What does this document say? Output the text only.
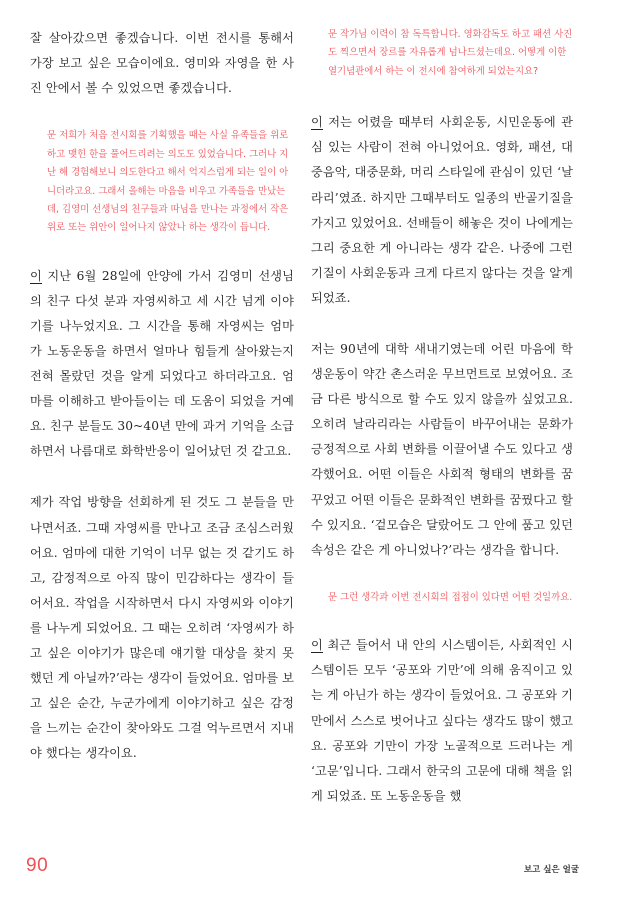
잘 살아갔으면 좋겠습니다. 이번 전시를 통해서 가장 보고 싶은 모습이에요. 영미와 자영을 한 사진 안에서 볼 수 있었으면 좋겠습니다.

문 저희가 처음 전시회를 기획했을 때는 사실 유족들을 위로하고 맺힌 한을 풀어드리려는 의도도 있었습니다. 그러나 지난 해 경험해보니 의도한다고 해서 억지스럽게 되는 일이 아니더라고요. 그래서 올해는 마음을 비우고 가족들을 만났는데, 김영미 선생님의 친구들과 따님을 만나는 과정에서 작은 위로 또는 위안이 일어나지 않았나 하는 생각이 듭니다.

이 지난 6월 28일에 안양에 가서 김영미 선생님의 친구 다섯 분과 자영씨하고 세 시간 넘게 이야기를 나누었지요. 그 시간을 통해 자영씨는 엄마가 노동운동을 하면서 얼마나 힘들게 살아왔는지 전혀 몰랐던 것을 알게 되었다고 하더라고요. 엄마를 이해하고 받아들이는 데 도움이 되었을 거예요. 친구 분들도 30~40년 만에 과거 기억을 소급하면서 나름대로 화학반응이 일어났던 것 같고요.

제가 작업 방향을 선회하게 된 것도 그 분들을 만나면서죠. 그때 자영씨를 만나고 조금 조심스러웠어요. 엄마에 대한 기억이 너무 없는 것 같기도 하고, 감정적으로 아직 많이 민감하다는 생각이 들어서요. 작업을 시작하면서 다시 자영씨와 이야기를 나누게 되었어요. 그 때는 오히려 ‘자영씨가 하고 싶은 이야기가 많은데 얘기할 대상을 찾지 못했던 게 아닐까?’라는 생각이 들었어요. 엄마를 보고 싶은 순간, 누군가에게 이야기하고 싶은 감정을 느끼는 순간이 찾아와도 그걸 억누르면서 지내야 했다는 생각이요.

문 작가님 이력이 참 독특합니다. 영화감독도 하고 패션 사진도 찍으면서 장르를 자유롭게 넘나드셨는데요. 어떻게 이한열기념관에서 하는 이 전시에 참여하게 되었는지요?

이 저는 어렸을 때부터 사회운동, 시민운동에 관심 있는 사람이 전혀 아니었어요. 영화, 패션, 대중음악, 대중문화, 머리 스타일에 관심이 있던 ‘날라리’였죠. 하지만 그때부터도 일종의 반골기질을 가지고 있었어요. 선배들이 해놓은 것이 나에게는 그리 중요한 게 아니라는 생각 같은. 나중에 그런 기질이 사회운동과 크게 다르지 않다는 것을 알게 되었죠.

저는 90년에 대학 새내기였는데 어린 마음에 학생운동이 약간 촌스러운 무브먼트로 보였어요. 조금 다른 방식으로 할 수도 있지 않을까 싶었고요. 오히려 날라리라는 사람들이 바꾸어내는 문화가 긍정적으로 사회 변화를 이끌어낼 수도 있다고 생각했어요. 어떤 이들은 사회적 형태의 변화를 꿈꾸었고 어떤 이들은 문화적인 변화를 꿈꿨다고 할 수 있지요. ‘겉모습은 달랐어도 그 안에 품고 있던 속성은 같은 게 아니었나?’라는 생각을 합니다.

문 그런 생각과 이번 전시회의 접점이 있다면 어떤 것일까요.

이 최근 들어서 내 안의 시스템이든, 사회적인 시스템이든 모두 ‘공포와 기만’에 의해 움직이고 있는 게 아닌가 하는 생각이 들었어요. 그 공포와 기만에서 스스로 벗어나고 싶다는 생각도 많이 했고요. 공포와 기만이 가장 노골적으로 드러나는 게 ‘고문’입니다. 그래서 한국의 고문에 대해 책을 읽게 되었죠. 또 노동운동을 했

90	보고 싶은 얼굴
